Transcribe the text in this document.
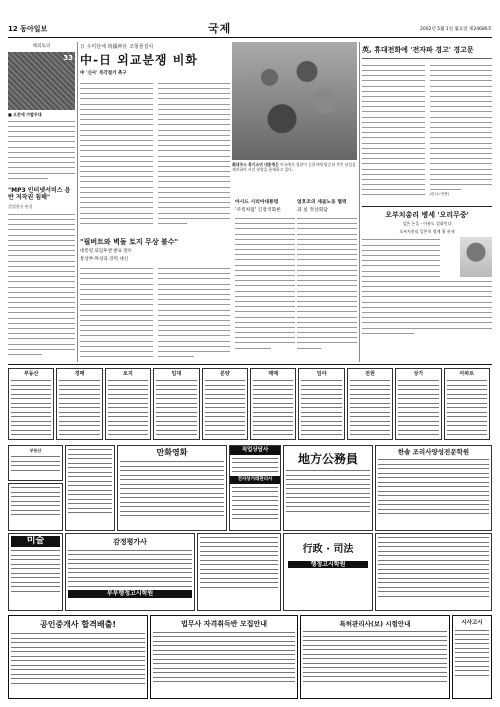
12 동아일보	국제	2002년 5월 1일 월요일 제24686호
해외토픽
33
■ 오픈에 가발무대
"MP3 인터넷서비스 음반 저작권 침해"
美법원서 판결
日 우익단체 靖國神社 조형물설치
中-日 외교분쟁 비화
中 '신사' 즉각철거 촉구
美대주스 흑기소년 대통령은 미국에서 경찰이 승용차에 탑승한 흑인 남성을 제지하며 사건 현장을 통제하고 있다.
"필버트와 벽돌 토지 무상 불수"
대통령 퇴임후엔 발표 앞두
통상부-外상과 강력 대신
아시드 시리아대통령
'쿠킹처럼' 긴장격화론
엄호조의 세골노동 협력
과 실 정상회담
英, 휴대전화에 '전자파 경고' 경고문
(런던=연합)
오부치총리 병세 '오리무중'
검은 돈을 - 이유도 설화인다
오부치총리 일본의 정계 뒷 관제
부동산	경매	토지	임대	분양	매매	임야	전원	상가	아파트
부동산	만화영화	직업상담사
전자상거래관리사
地方公務員	한솔 조리사양성전문학원
미술	감정평가사
부부행정고시학원
行政 · 司法
행정고시학원
공인중개사 합격배출!	법무사 자격취득반 모집안내	특허관리사(보) 시험안내	시사고시
